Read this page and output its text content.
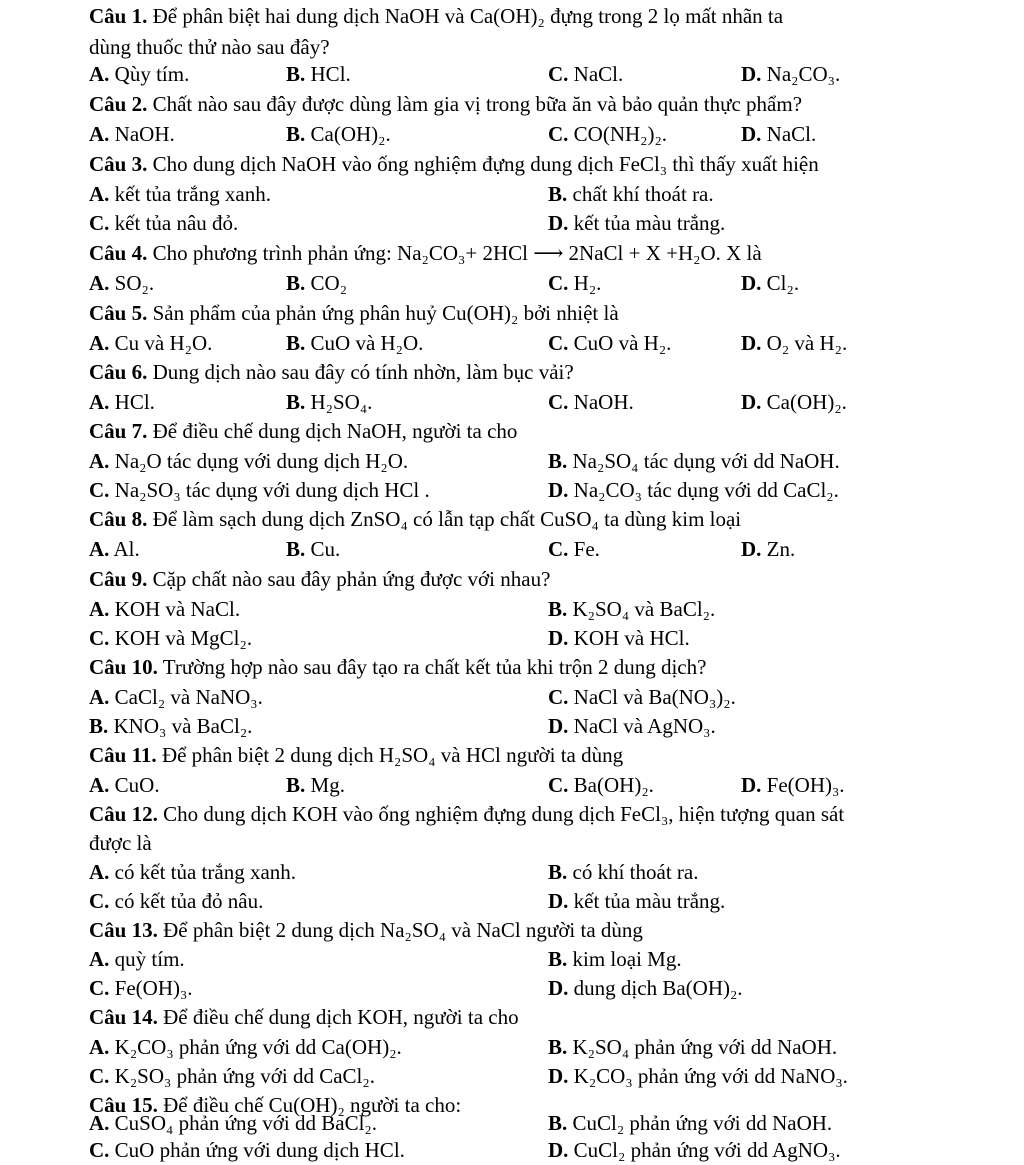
Câu 1. Để phân biệt hai dung dịch NaOH và Ca(OH)₂ đựng trong 2 lọ mất nhãn ta
dùng thuốc thử nào sau đây?
A. Qùy tím.	B. HCl.	C. NaCl.	D. Na₂CO₃.
Câu 2. Chất nào sau đây được dùng làm gia vị trong bữa ăn và bảo quản thực phẩm?
A. NaOH.	B. Ca(OH)₂.	C. CO(NH₂)₂.	D. NaCl.
Câu 3. Cho dung dịch NaOH vào ống nghiệm đựng dung dịch FeCl₃ thì thấy xuất hiện
A. kết tủa trắng xanh.	B. chất khí thoát ra.
C. kết tủa nâu đỏ.	D. kết tủa màu trắng.
Câu 4. Cho phương trình phản ứng: Na₂CO₃+ 2HCl ⟶ 2NaCl + X +H₂O. X là
A. SO₂.	B. CO₂	C. H₂.	D. Cl₂.
Câu 5. Sản phẩm của phản ứng phân huỷ Cu(OH)₂ bởi nhiệt là
A. Cu và H₂O.	B. CuO và H₂O.	C. CuO và H₂.	D. O₂ và H₂.
Câu 6. Dung dịch nào sau đây có tính nhờn, làm bục vải?
A. HCl.	B. H₂SO₄.	C. NaOH.	D. Ca(OH)₂.
Câu 7. Để điều chế dung dịch NaOH, người ta cho
A. Na₂O tác dụng với dung dịch H₂O.	B. Na₂SO₄ tác dụng với dd NaOH.
C. Na₂SO₃ tác dụng với dung dịch HCl .	D. Na₂CO₃ tác dụng với dd CaCl₂.
Câu 8. Để làm sạch dung dịch ZnSO₄ có lẫn tạp chất CuSO₄ ta dùng kim loại
A. Al.	B. Cu.	C. Fe.	D. Zn.
Câu 9. Cặp chất nào sau đây phản ứng được với nhau?
A. KOH và NaCl.	B. K₂SO₄ và BaCl₂.
C. KOH và MgCl₂.	D. KOH và HCl.
Câu 10. Trường hợp nào sau đây tạo ra chất kết tủa khi trộn 2 dung dịch?
A. CaCl₂ và NaNO₃.	C. NaCl và Ba(NO₃)₂.
B. KNO₃ và BaCl₂.	D. NaCl và AgNO₃.
Câu 11. Để phân biệt 2 dung dịch H₂SO₄ và HCl người ta dùng
A. CuO.	B. Mg.	C. Ba(OH)₂.	D. Fe(OH)₃.
Câu 12. Cho dung dịch KOH vào ống nghiệm đựng dung dịch FeCl₃, hiện tượng quan sát
được là
A. có kết tủa trắng xanh.	B. có khí thoát ra.
C. có kết tủa đỏ nâu.	D. kết tủa màu trắng.
Câu 13. Để phân biệt 2 dung dịch Na₂SO₄ và NaCl người ta dùng
A. quỳ tím.	B. kim loại Mg.
C. Fe(OH)₃.	D. dung dịch Ba(OH)₂.
Câu 14. Để điều chế dung dịch KOH, người ta cho
A. K₂CO₃ phản ứng với dd Ca(OH)₂.	B. K₂SO₄ phản ứng với dd NaOH.
C. K₂SO₃ phản ứng với dd CaCl₂.	D. K₂CO₃ phản ứng với dd NaNO₃.
Câu 15. Để điều chế Cu(OH)₂ người ta cho:
A. CuSO₄ phản ứng với dd BaCl₂.	B. CuCl₂ phản ứng với dd NaOH.
C. CuO phản ứng với dung dịch HCl.	D. CuCl₂ phản ứng với dd AgNO₃.
